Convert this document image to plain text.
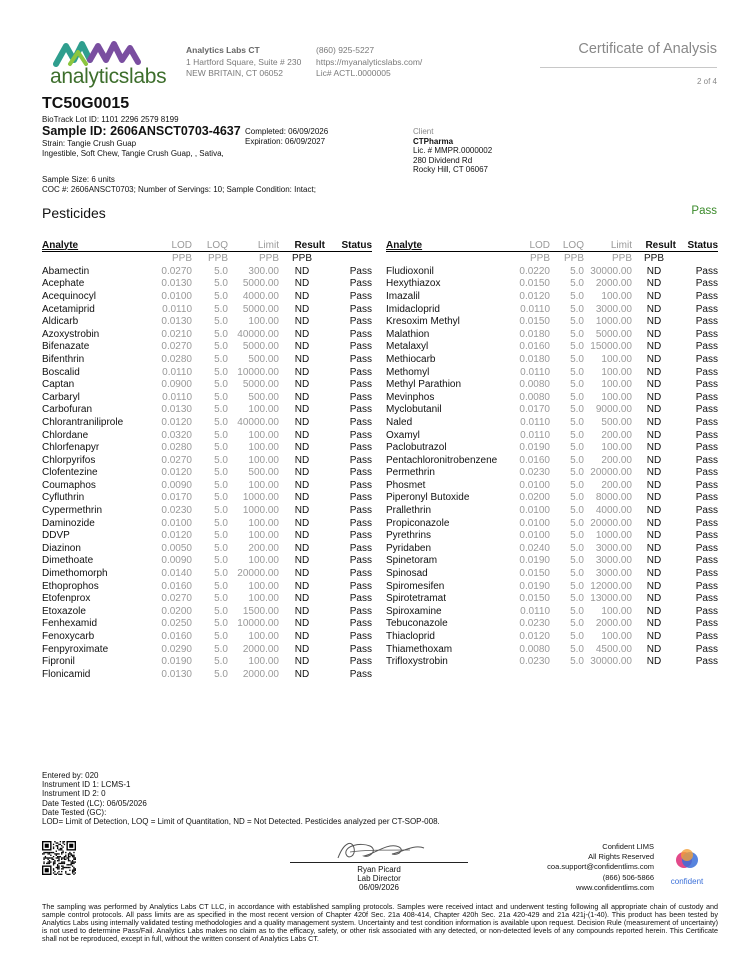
analyticslabs
Analytics Labs CT
1 Hartford Square, Suite # 230
NEW BRITAIN, CT 06052
(860) 925-5227
https://myanalyticslabs.com/
Lic# ACTL.0000005
Certificate of Analysis
2 of 4
TC50G0015
BioTrack Lot ID: 1101 2296 2579 8199
Sample ID: 2606ANSCT0703-4637 Completed: 06/09/2026
Expiration: 06/09/2027
Strain: Tangie Crush Guap
Ingestible, Soft Chew, Tangie Crush Guap, , Sativa,
Client
CTPharma
Lic. # MMPR.0000002
280 Dividend Rd
Rocky Hill, CT 06067
Sample Size: 6 units
COC #: 2606ANSCT0703; Number of Servings: 10; Sample Condition: Intact;
Pesticides	Pass
Analyte	LOD	LOQ	Limit	Result	Status
	PPB	PPB	PPB	PPB	
Abamectin	0.0270	5.0	300.00	ND	Pass
Acephate	0.0130	5.0	5000.00	ND	Pass
Acequinocyl	0.0100	5.0	4000.00	ND	Pass
Acetamiprid	0.0110	5.0	5000.00	ND	Pass
Aldicarb	0.0130	5.0	100.00	ND	Pass
Azoxystrobin	0.0210	5.0	40000.00	ND	Pass
Bifenazate	0.0270	5.0	5000.00	ND	Pass
Bifenthrin	0.0280	5.0	500.00	ND	Pass
Boscalid	0.0110	5.0	10000.00	ND	Pass
Captan	0.0900	5.0	5000.00	ND	Pass
Carbaryl	0.0110	5.0	500.00	ND	Pass
Carbofuran	0.0130	5.0	100.00	ND	Pass
Chlorantraniliprole	0.0120	5.0	40000.00	ND	Pass
Chlordane	0.0320	5.0	100.00	ND	Pass
Chlorfenapyr	0.0280	5.0	100.00	ND	Pass
Chlorpyrifos	0.0270	5.0	100.00	ND	Pass
Clofentezine	0.0120	5.0	500.00	ND	Pass
Coumaphos	0.0090	5.0	100.00	ND	Pass
Cyfluthrin	0.0170	5.0	1000.00	ND	Pass
Cypermethrin	0.0230	5.0	1000.00	ND	Pass
Daminozide	0.0100	5.0	100.00	ND	Pass
DDVP	0.0120	5.0	100.00	ND	Pass
Diazinon	0.0050	5.0	200.00	ND	Pass
Dimethoate	0.0090	5.0	100.00	ND	Pass
Dimethomorph	0.0140	5.0	20000.00	ND	Pass
Ethoprophos	0.0160	5.0	100.00	ND	Pass
Etofenprox	0.0270	5.0	100.00	ND	Pass
Etoxazole	0.0200	5.0	1500.00	ND	Pass
Fenhexamid	0.0250	5.0	10000.00	ND	Pass
Fenoxycarb	0.0160	5.0	100.00	ND	Pass
Fenpyroximate	0.0290	5.0	2000.00	ND	Pass
Fipronil	0.0190	5.0	100.00	ND	Pass
Flonicamid	0.0130	5.0	2000.00	ND	Pass
Analyte	LOD	LOQ	Limit	Result	Status
	PPB	PPB	PPB	PPB	
Fludioxonil	0.0220	5.0	30000.00	ND	Pass
Hexythiazox	0.0150	5.0	2000.00	ND	Pass
Imazalil	0.0120	5.0	100.00	ND	Pass
Imidacloprid	0.0110	5.0	3000.00	ND	Pass
Kresoxim Methyl	0.0150	5.0	1000.00	ND	Pass
Malathion	0.0180	5.0	5000.00	ND	Pass
Metalaxyl	0.0160	5.0	15000.00	ND	Pass
Methiocarb	0.0180	5.0	100.00	ND	Pass
Methomyl	0.0110	5.0	100.00	ND	Pass
Methyl Parathion	0.0080	5.0	100.00	ND	Pass
Mevinphos	0.0080	5.0	100.00	ND	Pass
Myclobutanil	0.0170	5.0	9000.00	ND	Pass
Naled	0.0110	5.0	500.00	ND	Pass
Oxamyl	0.0110	5.0	200.00	ND	Pass
Paclobutrazol	0.0190	5.0	100.00	ND	Pass
Pentachloronitrobenzene	0.0160	5.0	200.00	ND	Pass
Permethrin	0.0230	5.0	20000.00	ND	Pass
Phosmet	0.0100	5.0	200.00	ND	Pass
Piperonyl Butoxide	0.0200	5.0	8000.00	ND	Pass
Prallethrin	0.0100	5.0	4000.00	ND	Pass
Propiconazole	0.0100	5.0	20000.00	ND	Pass
Pyrethrins	0.0100	5.0	1000.00	ND	Pass
Pyridaben	0.0240	5.0	3000.00	ND	Pass
Spinetoram	0.0190	5.0	3000.00	ND	Pass
Spinosad	0.0150	5.0	3000.00	ND	Pass
Spiromesifen	0.0190	5.0	12000.00	ND	Pass
Spirotetramat	0.0150	5.0	13000.00	ND	Pass
Spiroxamine	0.0110	5.0	100.00	ND	Pass
Tebuconazole	0.0230	5.0	2000.00	ND	Pass
Thiacloprid	0.0120	5.0	100.00	ND	Pass
Thiamethoxam	0.0080	5.0	4500.00	ND	Pass
Trifloxystrobin	0.0230	5.0	30000.00	ND	Pass
Entered by: 020
Instrument ID 1: LCMS-1
Instrument ID 2: 0
Date Tested (LC): 06/05/2026
Date Tested (GC):
LOD= Limit of Detection, LOQ = Limit of Quantitation, ND = Not Detected. Pesticides analyzed per CT-SOP-008.
Ryan Picard
Lab Director
06/09/2026
Confident LIMS
All Rights Reserved
coa.support@confidentlims.com
(866) 506-5866
www.confidentlims.com
confident
The sampling was performed by Analytics Labs CT LLC, in accordance with established sampling protocols. Samples were received intact and underwent testing following all appropriate chain of custody and sample control protocols. All pass limits are as specified in the most recent version of Chapter 420f Sec. 21a 408-414, Chapter 420h Sec. 21a 420-429 and 21a 421j-(1-40). This product has been tested by Analytics Labs using internally validated testing methodologies and a quality management system. Uncertainty and test condition information is available upon request. Decision Rule (measurement of uncertainty) is not used to determine Pass/Fail. Analytics Labs makes no claim as to the efficacy, safety, or other risk associated with any detected, or non-detected levels of any compounds reported herein. This Certificate shall not be reproduced, except in full, without the written consent of Analytics Labs CT.
